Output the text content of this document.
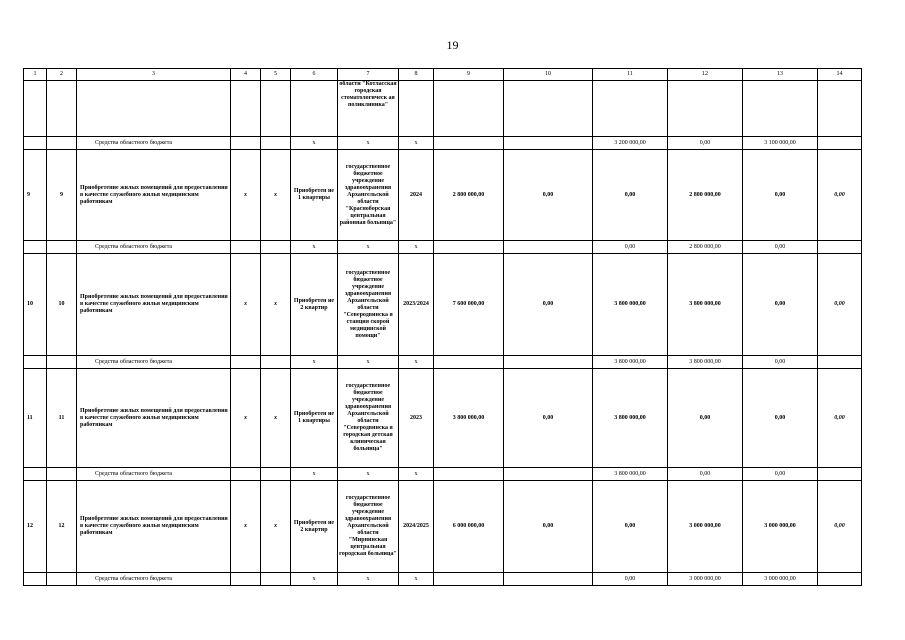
19
1	2	3	4	5	6	7	8	9	10	11	12	13	14
						области "Котласская городская стоматологическ ая поликлиника"							
		Средства областного бюджета			х	х	х			3 200 000,00	0,00	3 100 000,00	
9	9	Приобретение жилых помещений для предоставления в качестве служебного жилья медицинским работникам	х	х	Приобретен ие 1 квартиры	государственное бюджетное учреждение здравоохранения Архангельской области "Красноборская центральная районная больница"	2024	2 800 000,00	0,00	0,00	2 800 000,00	0,00	0,00
		Средства областного бюджета			х	х	х			0,00	2 800 000,00	0,00	
10	10	Приобретение жилых помещений для предоставления в качестве служебного жилья медицинским работникам	х	х	Приобретен ие 2 квартир	государственное бюджетное учреждение здравоохранения Архангельской области "Северодвинска я станция скорой медицинской помощи"	2023/2024	7 600 000,00	0,00	3 800 000,00	3 800 000,00	0,00	0,00
		Средства областного бюджета			х	х	х			3 800 000,00	3 800 000,00	0,00	
11	11	Приобретение жилых помещений для предоставления в качестве служебного жилья медицинским работникам	х	х	Приобретен ие 1 квартиры	государственное бюджетное учреждение здравоохранения Архангельской области "Северодвинска я городская детская клиническая больница"	2023	3 800 000,00	0,00	3 800 000,00	0,00	0,00	0,00
		Средства областного бюджета			х	х	х			3 800 000,00	0,00	0,00	
12	12	Приобретение жилых помещений для предоставления в качестве служебного жилья медицинским работникам	х	х	Приобретен ие 2 квартир	государственное бюджетное учреждение здравоохранения Архангельской области "Мирнинская центральная городская больница"	2024/2025	6 000 000,00	0,00	0,00	3 000 000,00	3 000 000,00	0,00
		Средства областного бюджета			х	х	х			0,00	3 000 000,00	3 000 000,00	
